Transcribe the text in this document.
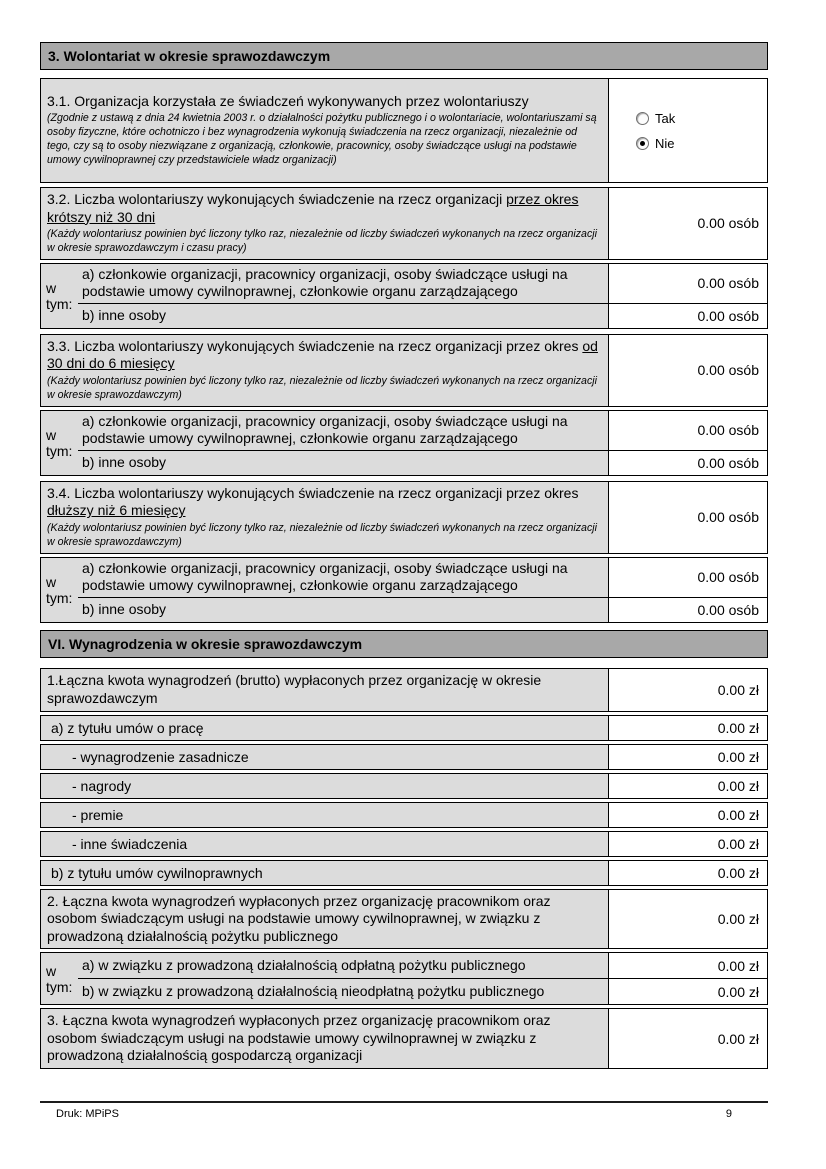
3. Wolontariat w okresie sprawozdawczym
3.1. Organizacja korzystała ze świadczeń wykonywanych przez wolontariuszy
(Zgodnie z ustawą z dnia 24 kwietnia 2003 r. o działalności pożytku publicznego i o wolontariacie, wolontariuszami są osoby fizyczne, które ochotniczo i bez wynagrodzenia wykonują świadczenia na rzecz organizacji, niezależnie od tego, czy są to osoby niezwiązane z organizacją, członkowie, pracownicy, osoby świadczące usługi na podstawie umowy cywilnoprawnej czy przedstawiciele władz organizacji)
Tak
Nie
3.2. Liczba wolontariuszy wykonujących świadczenie na rzecz organizacji przez okres krótszy niż 30 dni
(Każdy wolontariusz powinien być liczony tylko raz, niezależnie od liczby świadczeń wykonanych na rzecz organizacji w okresie sprawozdawczym i czasu pracy)
0.00 osób
w tym:
a) członkowie organizacji, pracownicy organizacji, osoby świadczące usługi na podstawie umowy cywilnoprawnej, członkowie organu zarządzającego	0.00 osób
b) inne osoby	0.00 osób
3.3. Liczba wolontariuszy wykonujących świadczenie na rzecz organizacji przez okres od 30 dni do 6 miesięcy
(Każdy wolontariusz powinien być liczony tylko raz, niezależnie od liczby świadczeń wykonanych na rzecz organizacji w okresie sprawozdawczym)
0.00 osób
w tym:
a) członkowie organizacji, pracownicy organizacji, osoby świadczące usługi na podstawie umowy cywilnoprawnej, członkowie organu zarządzającego	0.00 osób
b) inne osoby	0.00 osób
3.4. Liczba wolontariuszy wykonujących świadczenie na rzecz organizacji przez okres dłuższy niż 6 miesięcy
(Każdy wolontariusz powinien być liczony tylko raz, niezależnie od liczby świadczeń wykonanych na rzecz organizacji w okresie sprawozdawczym)
0.00 osób
w tym:
a) członkowie organizacji, pracownicy organizacji, osoby świadczące usługi na podstawie umowy cywilnoprawnej, członkowie organu zarządzającego	0.00 osób
b) inne osoby	0.00 osób
VI. Wynagrodzenia w okresie sprawozdawczym
1.Łączna kwota wynagrodzeń (brutto) wypłaconych przez organizację w okresie sprawozdawczym	0.00 zł
a) z tytułu umów o pracę	0.00 zł
- wynagrodzenie zasadnicze	0.00 zł
- nagrody	0.00 zł
- premie	0.00 zł
- inne świadczenia	0.00 zł
b) z tytułu umów cywilnoprawnych	0.00 zł
2. Łączna kwota wynagrodzeń wypłaconych przez organizację pracownikom oraz osobom świadczącym usługi na podstawie umowy cywilnoprawnej, w związku z prowadzoną działalnością pożytku publicznego
0.00 zł
w tym:
a) w związku z prowadzoną działalnością odpłatną pożytku publicznego	0.00 zł
b) w związku z prowadzoną działalnością nieodpłatną pożytku publicznego	0.00 zł
3. Łączna kwota wynagrodzeń wypłaconych przez organizację pracownikom oraz osobom świadczącym usługi na podstawie umowy cywilnoprawnej w związku z prowadzoną działalnością gospodarczą organizacji
0.00 zł
Druk: MPiPS	9
